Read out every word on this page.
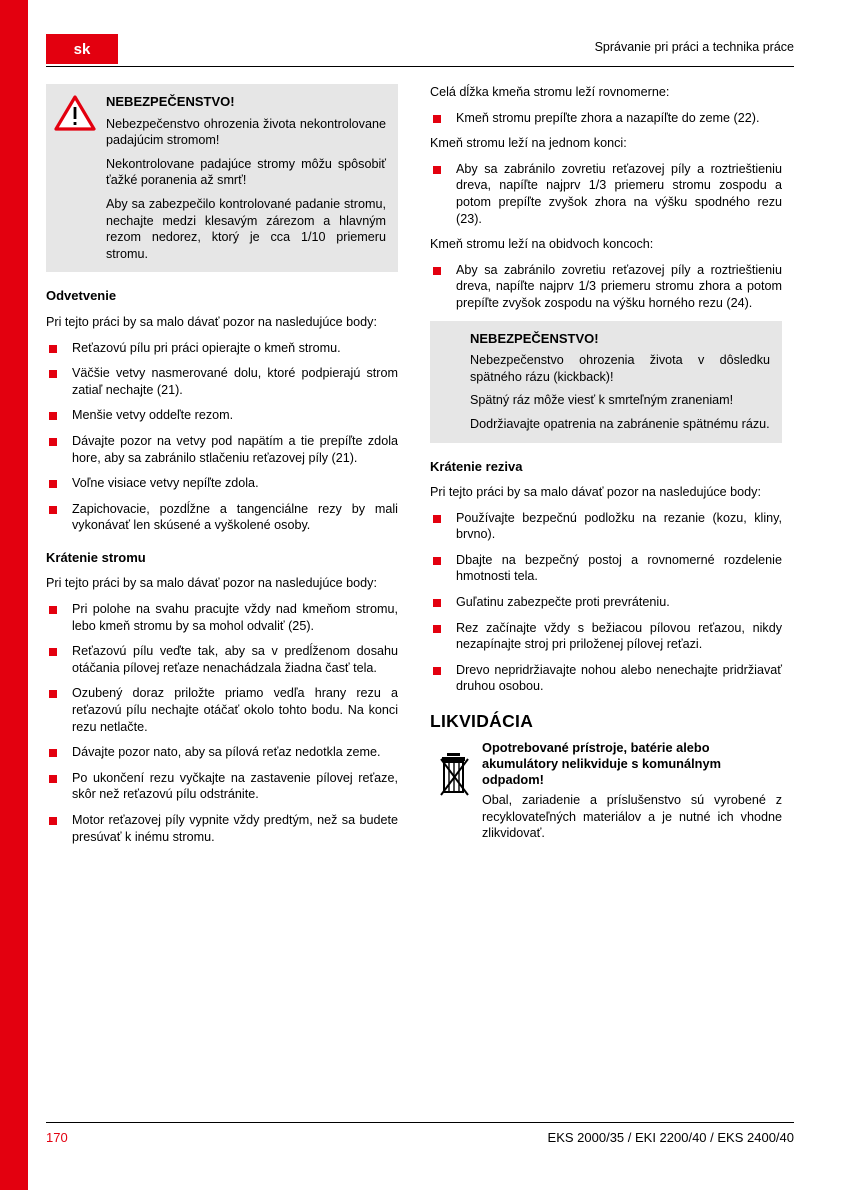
sk	Správanie pri práci a technika práce
NEBEZPEČENSTVO!

Nebezpečenstvo ohrozenia života nekontrolovane padajúcim stromom!

Nekontrolovane padajúce stromy môžu spôsobiť ťažké poranenia až smrť!

Aby sa zabezpečilo kontrolované padanie stromu, nechajte medzi klesavým zárezom a hlavným rezom nedorez, ktorý je cca 1/10 priemeru stromu.

Odvetvenie

Pri tejto práci by sa malo dávať pozor na nasledujúce body:

Reťazovú pílu pri práci opierajte o kmeň stromu.
Väčšie vetvy nasmerované dolu, ktoré podpierajú strom zatiaľ nechajte (21).
Menšie vetvy oddeľte rezom.
Dávajte pozor na vetvy pod napätím a tie prepíľte zdola hore, aby sa zabránilo stlačeniu reťazovej píly (21).
Voľne visiace vetvy nepíľte zdola.
Zapichovacie, pozdĺžne a tangenciálne rezy by mali vykonávať len skúsené a vyškolené osoby.
Krátenie stromu

Pri tejto práci by sa malo dávať pozor na nasledujúce body:

Pri polohe na svahu pracujte vždy nad kmeňom stromu, lebo kmeň stromu by sa mohol odvaliť (25).
Reťazovú pílu veďte tak, aby sa v predĺženom dosahu otáčania pílovej reťaze nenachádzala žiadna časť tela.
Ozubený doraz priložte priamo vedľa hrany rezu a reťazovú pílu nechajte otáčať okolo tohto bodu. Na konci rezu netlačte.
Dávajte pozor nato, aby sa pílová reťaz nedotkla zeme.
Po ukončení rezu vyčkajte na zastavenie pílovej reťaze, skôr než reťazovú pílu odstránite.
Motor reťazovej píly vypnite vždy predtým, než sa budete presúvať k inému stromu.

Celá dĺžka kmeňa stromu leží rovnomerne:

Kmeň stromu prepíľte zhora a nazapíľte do zeme (22).

Kmeň stromu leží na jednom konci:

Aby sa zabránilo zovretiu reťazovej píly a roztrieštieniu dreva, napíľte najprv 1/3 priemeru stromu zospodu a potom prepíľte zvyšok zhora na výšku spodného rezu (23).

Kmeň stromu leží na obidvoch koncoch:

Aby sa zabránilo zovretiu reťazovej píly a roztrieštieniu dreva, napíľte najprv 1/3 priemeru stromu zhora a potom prepíľte zvyšok zospodu na výšku horného rezu (24).
NEBEZPEČENSTVO!

Nebezpečenstvo ohrozenia života v dôsledku spätného rázu (kickback)!

Spätný ráz môže viesť k smrteľným zraneniam!

Dodržiavajte opatrenia na zabránenie spätnému rázu.

Krátenie reziva

Pri tejto práci by sa malo dávať pozor na nasledujúce body:

Používajte bezpečnú podložku na rezanie (kozu, kliny, brvno).
Dbajte na bezpečný postoj a rovnomerné rozdelenie hmotnosti tela.
Guľatinu zabezpečte proti prevráteniu.
Rez začínajte vždy s bežiacou pílovou reťazou, nikdy nezapínajte stroj pri priloženej pílovej reťazi.
Drevo nepridržiavajte nohou alebo nenechajte pridržiavať druhou osobou.
LIKVIDÁCIA

Opotrebované prístroje, batérie alebo akumulátory nelikviduje s komunálnym odpadom!

Obal, zariadenie a príslušenstvo sú vyrobené z recyklovateľných materiálov a je nutné ich vhodne zlikvidovať.

170	EKS 2000/35 / EKI 2200/40 / EKS 2400/40
